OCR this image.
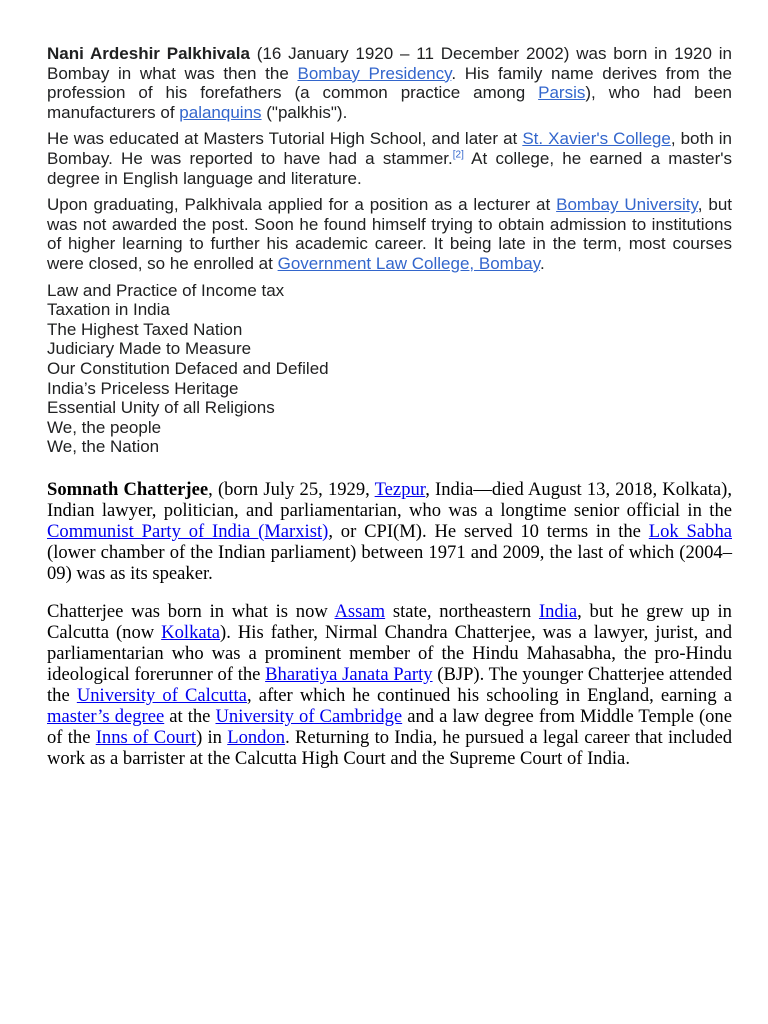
Nani Ardeshir Palkhivala (16 January 1920 – 11 December 2002) was born in 1920 in Bombay in what was then the Bombay Presidency. His family name derives from the profession of his forefathers (a common practice among Parsis), who had been manufacturers of palanquins ("palkhis").

He was educated at Masters Tutorial High School, and later at St. Xavier's College, both in Bombay. He was reported to have had a stammer.[2] At college, he earned a master's degree in English language and literature.

Upon graduating, Palkhivala applied for a position as a lecturer at Bombay University, but was not awarded the post. Soon he found himself trying to obtain admission to institutions of higher learning to further his academic career. It being late in the term, most courses were closed, so he enrolled at Government Law College, Bombay.

Law and Practice of Income tax
Taxation in India
The Highest Taxed Nation
Judiciary Made to Measure
Our Constitution Defaced and Defiled
India’s Priceless Heritage
Essential Unity of all Religions
We, the people
We, the Nation

Somnath Chatterjee, (born July 25, 1929, Tezpur, India—died August 13, 2018, Kolkata), Indian lawyer, politician, and parliamentarian, who was a longtime senior official in the Communist Party of India (Marxist), or CPI(M). He served 10 terms in the Lok Sabha (lower chamber of the Indian parliament) between 1971 and 2009, the last of which (2004–09) was as its speaker.

Chatterjee was born in what is now Assam state, northeastern India, but he grew up in Calcutta (now Kolkata). His father, Nirmal Chandra Chatterjee, was a lawyer, jurist, and parliamentarian who was a prominent member of the Hindu Mahasabha, the pro-Hindu ideological forerunner of the Bharatiya Janata Party (BJP). The younger Chatterjee attended the University of Calcutta, after which he continued his schooling in England, earning a master’s degree at the University of Cambridge and a law degree from Middle Temple (one of the Inns of Court) in London. Returning to India, he pursued a legal career that included work as a barrister at the Calcutta High Court and the Supreme Court of India.
